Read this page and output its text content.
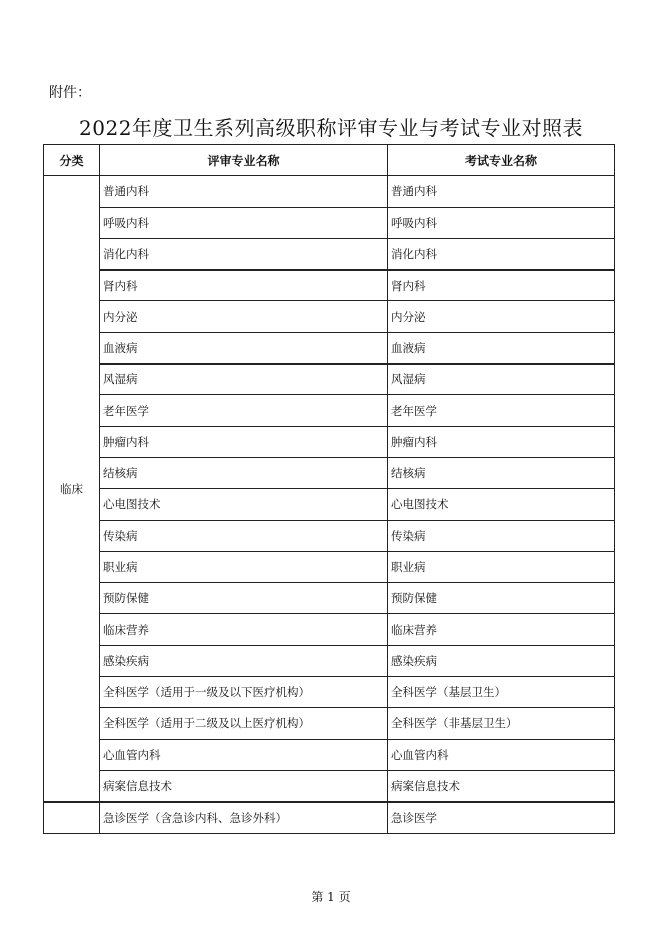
附件：
2022年度卫生系列高级职称评审专业与考试专业对照表
分类	评审专业名称	考试专业名称
临床	普通内科	普通内科
	呼吸内科	呼吸内科
	消化内科	消化内科
	肾内科	肾内科
	内分泌	内分泌
	血液病	血液病
	风湿病	风湿病
	老年医学	老年医学
	肿瘤内科	肿瘤内科
	结核病	结核病
	心电图技术	心电图技术
	传染病	传染病
	职业病	职业病
	预防保健	预防保健
	临床营养	临床营养
	感染疾病	感染疾病
	全科医学（适用于一级及以下医疗机构）	全科医学（基层卫生）
	全科医学（适用于二级及以上医疗机构）	全科医学（非基层卫生）
	心血管内科	心血管内科
	病案信息技术	病案信息技术
	急诊医学（含急诊内科、急诊外科）	急诊医学
第 1 页
